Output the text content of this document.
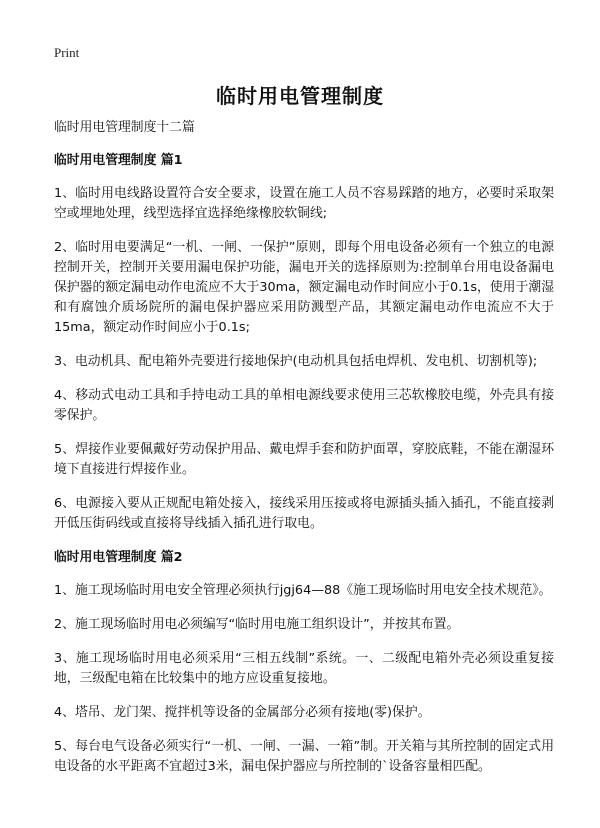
Print
临时用电管理制度

临时用电管理制度十二篇

临时用电管理制度 篇1

1、临时用电线路设置符合安全要求，设置在施工人员不容易踩踏的地方，必要时采取架空或埋地处理，线型选择宜选择绝缘橡胶软铜线;

2、临时用电要满足“一机、一闸、一保护”原则，即每个用电设备必须有一个独立的电源控制开关，控制开关要用漏电保护功能，漏电开关的选择原则为:控制单台用电设备漏电保护器的额定漏电动作电流应不大于30ma，额定漏电动作时间应小于0.1s，使用于潮湿和有腐蚀介质场院所的漏电保护器应采用防溅型产品，其额定漏电动作电流应不大于15ma，额定动作时间应小于0.1s;

3、电动机具、配电箱外壳要进行接地保护(电动机具包括电焊机、发电机、切割机等);

4、移动式电动工具和手持电动工具的单相电源线要求使用三芯软橡胶电缆，外壳具有接零保护。

5、焊接作业要佩戴好劳动保护用品、戴电焊手套和防护面罩，穿胶底鞋，不能在潮湿环境下直接进行焊接作业。

6、电源接入要从正规配电箱处接入，接线采用压接或将电源插头插入插孔，不能直接剥开低压街码线或直接将导线插入插孔进行取电。

临时用电管理制度 篇2

1、施工现场临时用电安全管理必须执行jgj64—88《施工现场临时用电安全技术规范》。

2、施工现场临时用电必须编写“临时用电施工组织设计”，并按其布置。

3、施工现场临时用电必须采用“三相五线制”系统。一、二级配电箱外壳必须设重复接地，三级配电箱在比较集中的地方应设重复接地。

4、塔吊、龙门架、搅拌机等设备的金属部分必须有接地(零)保护。

5、每台电气设备必须实行“一机、一闸、一漏、一箱”制。开关箱与其所控制的固定式用电设备的水平距离不宜超过3米，漏电保护器应与所控制的`设备容量相匹配。
